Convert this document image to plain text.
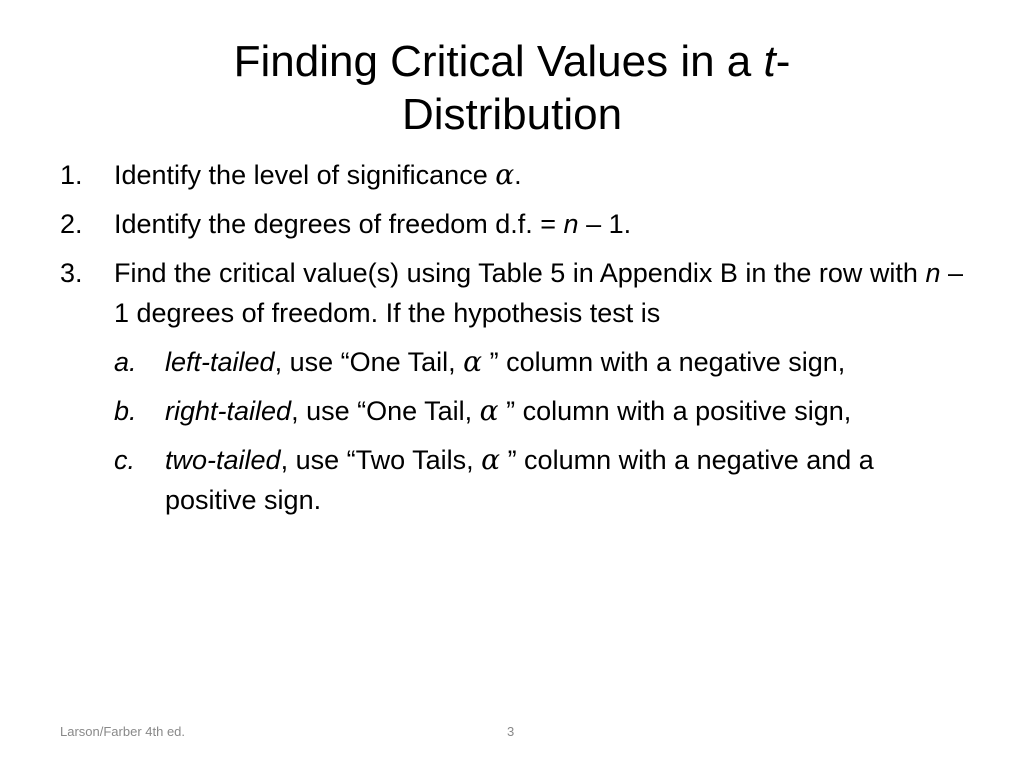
Finding Critical Values in a t-
Distribution
1. Identify the level of significance α.
2. Identify the degrees of freedom d.f. = n – 1.
3. Find the critical value(s) using Table 5 in Appendix B in the row with n – 1 degrees of freedom. If the hypothesis test is
a. left-tailed, use “One Tail, α ” column with a negative sign,
b. right-tailed, use “One Tail, α ” column with a positive sign,
c. two-tailed, use “Two Tails, α ” column with a negative and a positive sign.
Larson/Farber 4th ed.	3
